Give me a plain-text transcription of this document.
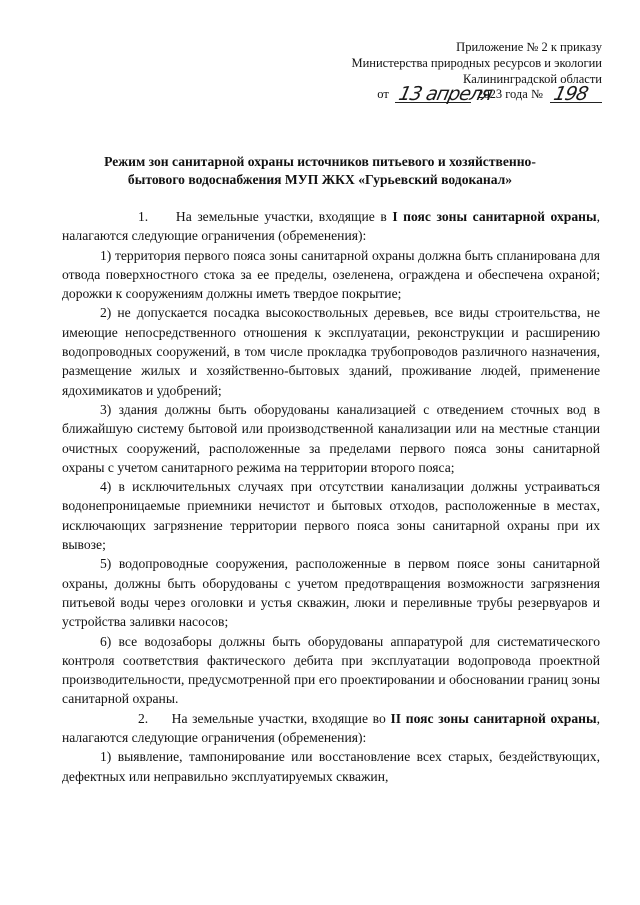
Приложение № 2 к приказу
Министерства природных ресурсов и экологии
Калининградской области
от 13 апреля
2023 года № 198
Режим зон санитарной охраны источников питьевого и хозяйственно-
бытового водоснабжения МУП ЖКХ «Гурьевский водоканал»

1. На земельные участки, входящие в I пояс зоны санитарной охраны, налагаются следующие ограничения (обременения):

1) территория первого пояса зоны санитарной охраны должна быть спланирована для отвода поверхностного стока за ее пределы, озеленена, ограждена и обеспечена охраной; дорожки к сооружениям должны иметь твердое покрытие;

2) не допускается посадка высокоствольных деревьев, все виды строительства, не имеющие непосредственного отношения к эксплуатации, реконструкции и расширению водопроводных сооружений, в том числе прокладка трубопроводов различного назначения, размещение жилых и хозяйственно-бытовых зданий, проживание людей, применение ядохимикатов и удобрений;

3) здания должны быть оборудованы канализацией с отведением сточных вод в ближайшую систему бытовой или производственной канализации или на местные станции очистных сооружений, расположенные за пределами первого пояса зоны санитарной охраны с учетом санитарного режима на территории второго пояса;

4) в исключительных случаях при отсутствии канализации должны устраиваться водонепроницаемые приемники нечистот и бытовых отходов, расположенные в местах, исключающих загрязнение территории первого пояса зоны санитарной охраны при их вывозе;

5) водопроводные сооружения, расположенные в первом поясе зоны санитарной охраны, должны быть оборудованы с учетом предотвращения возможности загрязнения питьевой воды через оголовки и устья скважин, люки и переливные трубы резервуаров и устройства заливки насосов;

6) все водозаборы должны быть оборудованы аппаратурой для систематического контроля соответствия фактического дебита при эксплуатации водопровода проектной производительности, предусмотренной при его проектировании и обосновании границ зоны санитарной охраны.

2. На земельные участки, входящие во II пояс зоны санитарной охраны, налагаются следующие ограничения (обременения):

1) выявление, тампонирование или восстановление всех старых, бездействующих, дефектных или неправильно эксплуатируемых скважин,
